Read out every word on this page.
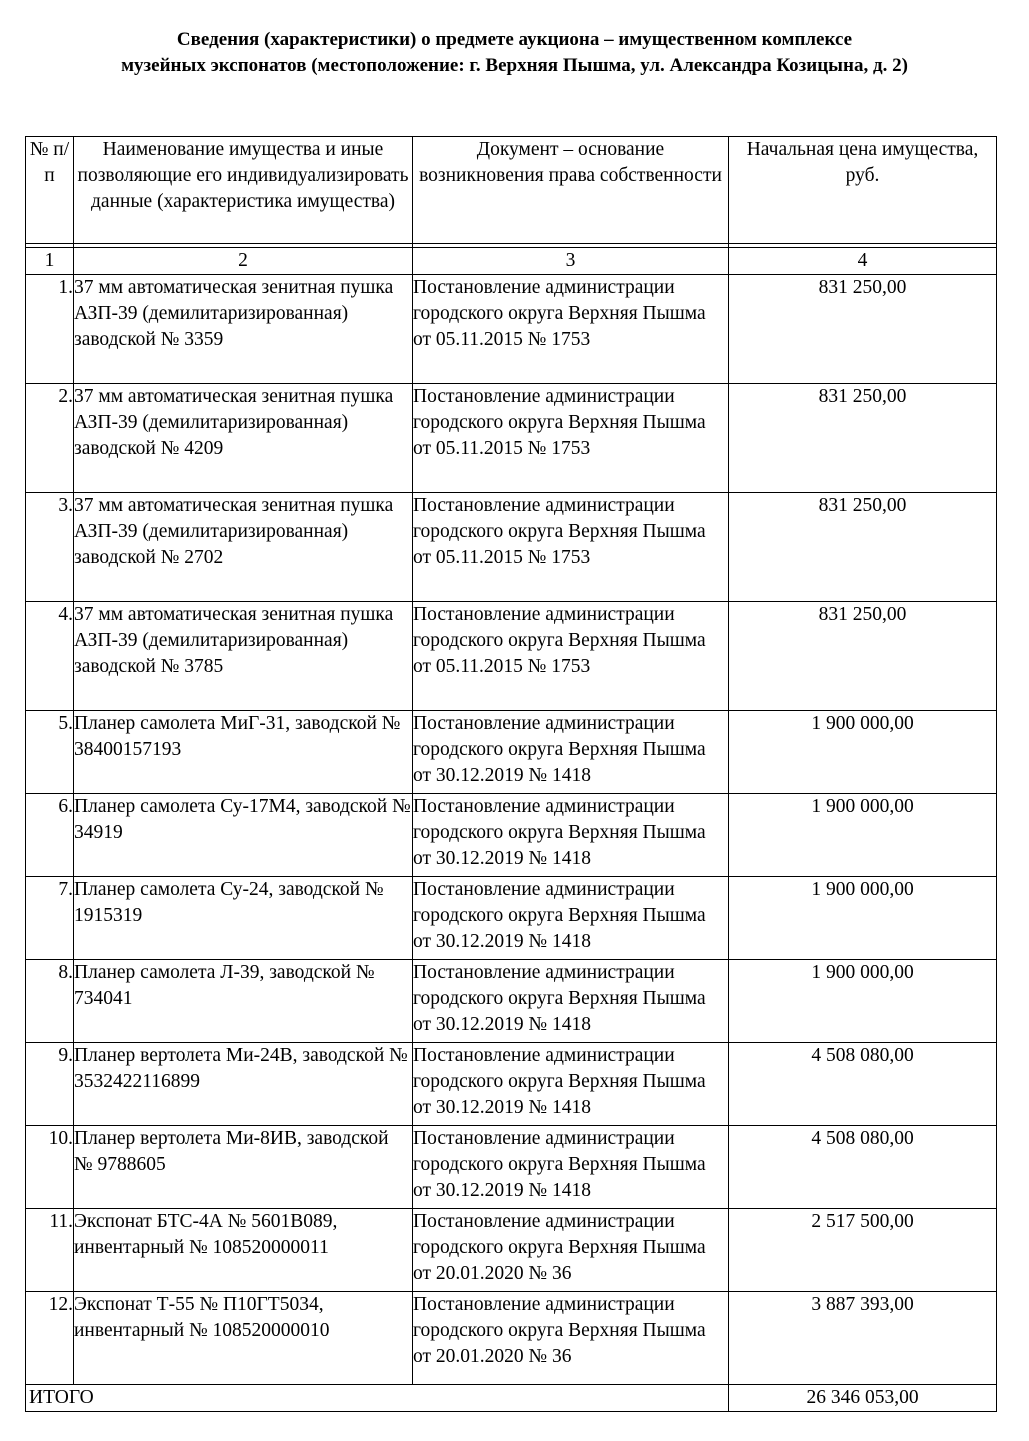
Сведения (характеристики) о предмете аукциона – имущественном комплексе
музейных экспонатов (местоположение: г. Верхняя Пышма, ул. Александра Козицына, д. 2)
№ п/п	Наименование имущества и иные позволяющие его индивидуализировать данные (характеристика имущества)	Документ – основание возникновения права собственности	Начальная цена имущества, руб.

1	2	3	4
1.	37 мм автоматическая зенитная пушка АЗП-39 (демилитаризированная) заводской № 3359	Постановление администрации городского округа Верхняя Пышма от 05.11.2015 № 1753	831 250,00
2.	37 мм автоматическая зенитная пушка АЗП-39 (демилитаризированная) заводской № 4209	Постановление администрации городского округа Верхняя Пышма от 05.11.2015 № 1753	831 250,00
3.	37 мм автоматическая зенитная пушка АЗП-39 (демилитаризированная) заводской № 2702	Постановление администрации городского округа Верхняя Пышма от 05.11.2015 № 1753	831 250,00
4.	37 мм автоматическая зенитная пушка АЗП-39 (демилитаризированная) заводской № 3785	Постановление администрации городского округа Верхняя Пышма от 05.11.2015 № 1753	831 250,00
5.	Планер самолета МиГ-31, заводской № 38400157193	Постановление администрации городского округа Верхняя Пышма от 30.12.2019 № 1418	1 900 000,00
6.	Планер самолета Су-17М4, заводской № 34919	Постановление администрации городского округа Верхняя Пышма от 30.12.2019 № 1418	1 900 000,00
7.	Планер самолета Су-24, заводской № 1915319	Постановление администрации городского округа Верхняя Пышма от 30.12.2019 № 1418	1 900 000,00
8.	Планер самолета Л-39, заводской № 734041	Постановление администрации городского округа Верхняя Пышма от 30.12.2019 № 1418	1 900 000,00
9.	Планер вертолета Ми-24В, заводской № 3532422116899	Постановление администрации городского округа Верхняя Пышма от 30.12.2019 № 1418	4 508 080,00
10.	Планер вертолета Ми-8ИВ, заводской № 9788605	Постановление администрации городского округа Верхняя Пышма от 30.12.2019 № 1418	4 508 080,00
11.	Экспонат БТС-4А № 5601В089, инвентарный № 108520000011	Постановление администрации городского округа Верхняя Пышма от 20.01.2020 № 36	2 517 500,00
12.	Экспонат Т-55 № П10ГТ5034, инвентарный № 108520000010	Постановление администрации городского округа Верхняя Пышма от 20.01.2020 № 36	3 887 393,00
ИТОГО			26 346 053,00
